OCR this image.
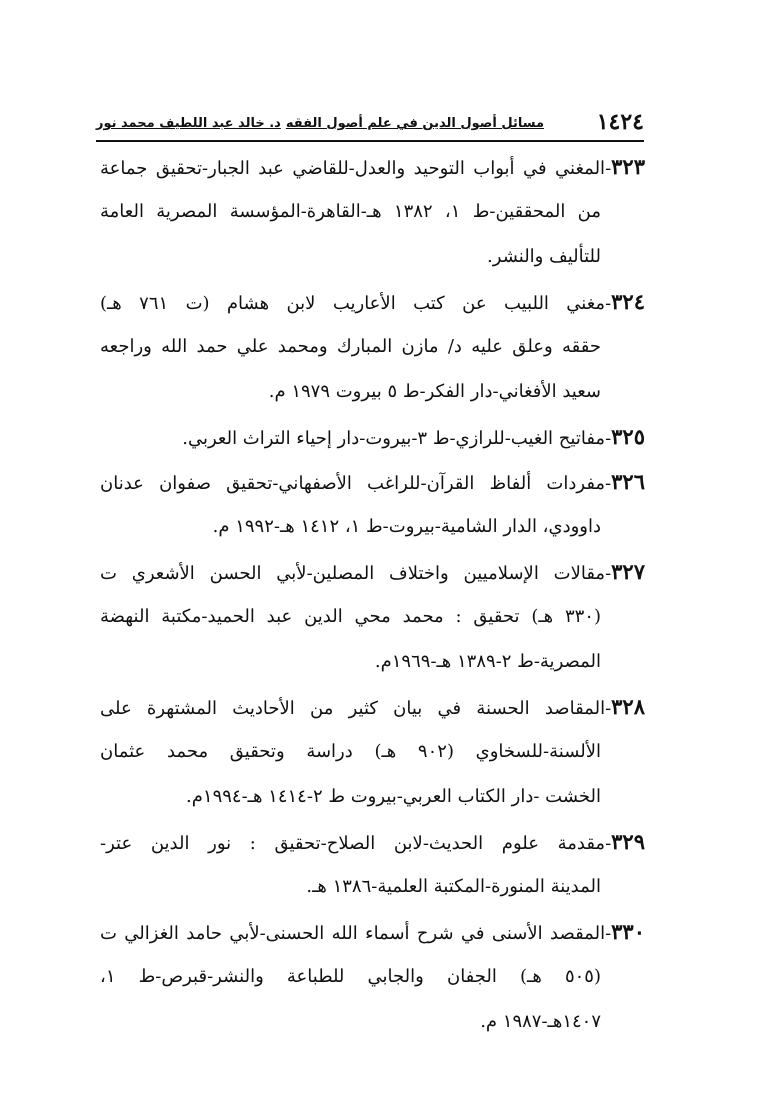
١٤٢٤
مسائل أصول الدين في علم أصول الفقه
د. خالد عبد اللطيف محمد نور
٣٢٣-المغني في أبواب التوحيد والعدل-للقاضي عبد الجبار-تحقيق جماعة
من المحققين-ط ١، ١٣٨٢ هـ-القاهرة-المؤسسة المصرية العامة
للتأليف والنشر.
٣٢٤-مغني اللبيب عن كتب الأعاريب لابن هشام (ت ٧٦١ هـ)
حققه وعلق عليه د/ مازن المبارك ومحمد علي حمد الله وراجعه
سعيد الأفغاني-دار الفكر-ط ٥ بيروت ١٩٧٩ م.
٣٢٥-مفاتيح الغيب-للرازي-ط ٣-بيروت-دار إحياء التراث العربي.
٣٢٦-مفردات ألفاظ القرآن-للراغب الأصفهاني-تحقيق صفوان عدنان
داوودي، الدار الشامية-بيروت-ط ١، ١٤١٢ هـ-١٩٩٢ م.
٣٢٧-مقالات الإسلاميين واختلاف المصلين-لأبي الحسن الأشعري ت
(٣٣٠ هـ) تحقيق : محمد محي الدين عبد الحميد-مكتبة النهضة
المصرية-ط ٢-١٣٨٩ هـ-١٩٦٩م.
٣٢٨-المقاصد الحسنة في بيان كثير من الأحاديث المشتهرة على
الألسنة-للسخاوي (٩٠٢ هـ) دراسة وتحقيق محمد عثمان
الخشت -دار الكتاب العربي-بيروت ط ٢-١٤١٤ هـ-١٩٩٤م.
٣٢٩-مقدمة علوم الحديث-لابن الصلاح-تحقيق : نور الدين عتر-
المدينة المنورة-المكتبة العلمية-١٣٨٦ هـ.
٣٣٠-المقصد الأسنى في شرح أسماء الله الحسنى-لأبي حامد الغزالي ت
(٥٠٥ هـ) الجفان والجابي للطباعة والنشر-قبرص-ط ١،
١٤٠٧هـ-١٩٨٧ م.
